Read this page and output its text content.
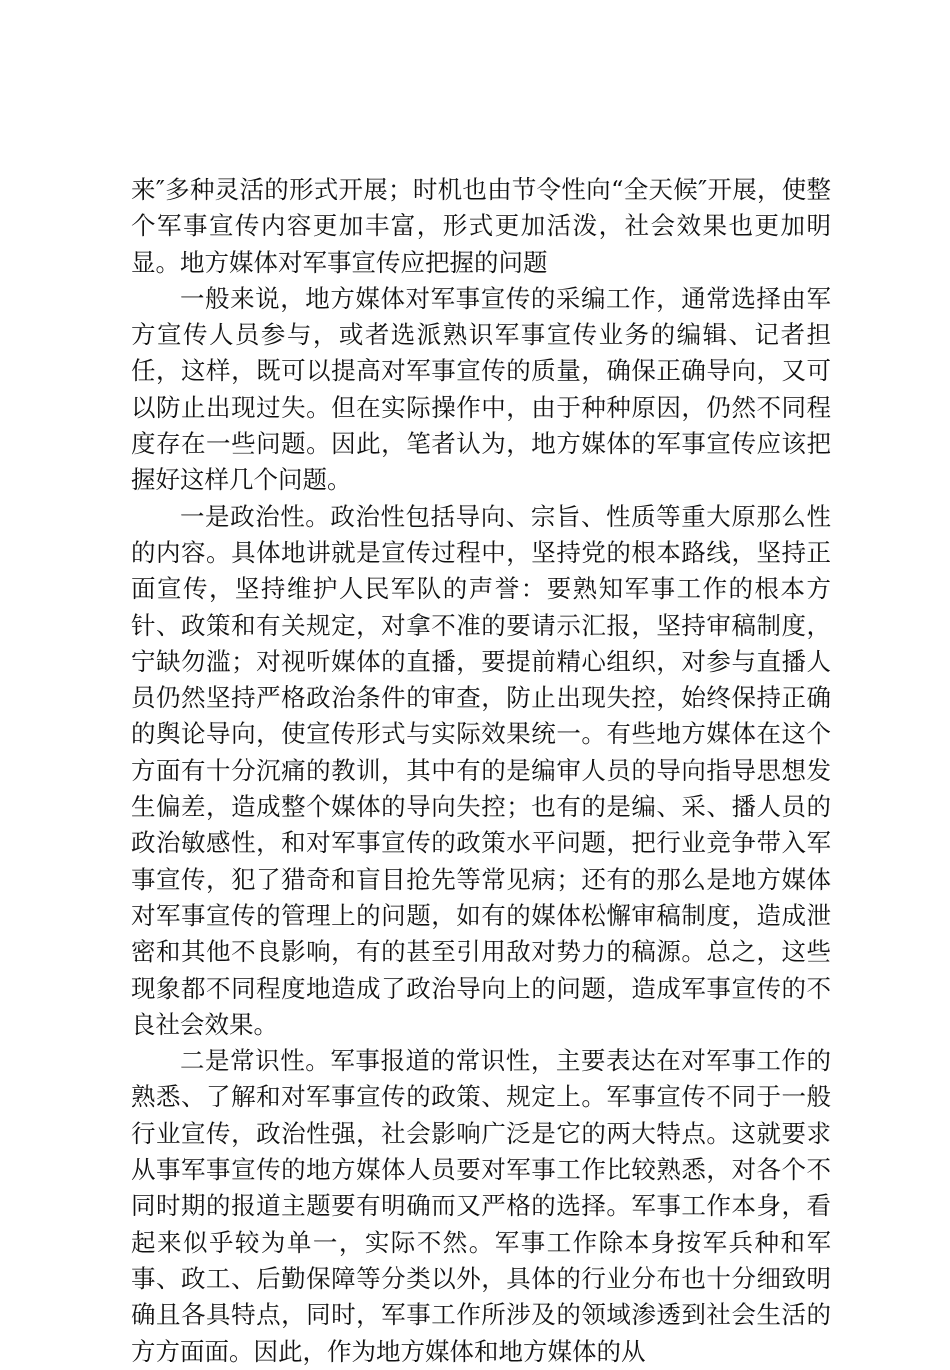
来″多种灵活的形式开展；时机也由节令性向“全天候″开展，使整个军事宣传内容更加丰富，形式更加活泼，社会效果也更加明显。地方媒体对军事宣传应把握的问题

一般来说，地方媒体对军事宣传的采编工作，通常选择由军方宣传人员参与，或者选派熟识军事宣传业务的编辑、记者担任，这样，既可以提高对军事宣传的质量，确保正确导向，又可以防止出现过失。但在实际操作中，由于种种原因，仍然不同程度存在一些问题。因此，笔者认为，地方媒体的军事宣传应该把握好这样几个问题。

一是政治性。政治性包括导向、宗旨、性质等重大原那么性的内容。具体地讲就是宣传过程中，坚持党的根本路线，坚持正面宣传，坚持维护人民军队的声誉：要熟知军事工作的根本方针、政策和有关规定，对拿不准的要请示汇报，坚持审稿制度，宁缺勿滥；对视听媒体的直播，要提前精心组织，对参与直播人员仍然坚持严格政治条件的审查，防止出现失控，始终保持正确的舆论导向，使宣传形式与实际效果统一。有些地方媒体在这个方面有十分沉痛的教训，其中有的是编审人员的导向指导思想发生偏差，造成整个媒体的导向失控；也有的是编、采、播人员的政治敏感性，和对军事宣传的政策水平问题，把行业竞争带入军事宣传，犯了猎奇和盲目抢先等常见病；还有的那么是地方媒体对军事宣传的管理上的问题，如有的媒体松懈审稿制度，造成泄密和其他不良影响，有的甚至引用敌对势力的稿源。总之，这些现象都不同程度地造成了政治导向上的问题，造成军事宣传的不良社会效果。

二是常识性。军事报道的常识性，主要表达在对军事工作的熟悉、了解和对军事宣传的政策、规定上。军事宣传不同于一般行业宣传，政治性强，社会影响广泛是它的两大特点。这就要求从事军事宣传的地方媒体人员要对军事工作比较熟悉，对各个不同时期的报道主题要有明确而又严格的选择。军事工作本身，看起来似乎较为单一，实际不然。军事工作除本身按军兵种和军事、政工、后勤保障等分类以外，具体的行业分布也十分细致明确且各具特点，同时，军事工作所涉及的领域渗透到社会生活的方方面面。因此，作为地方媒体和地方媒体的从
